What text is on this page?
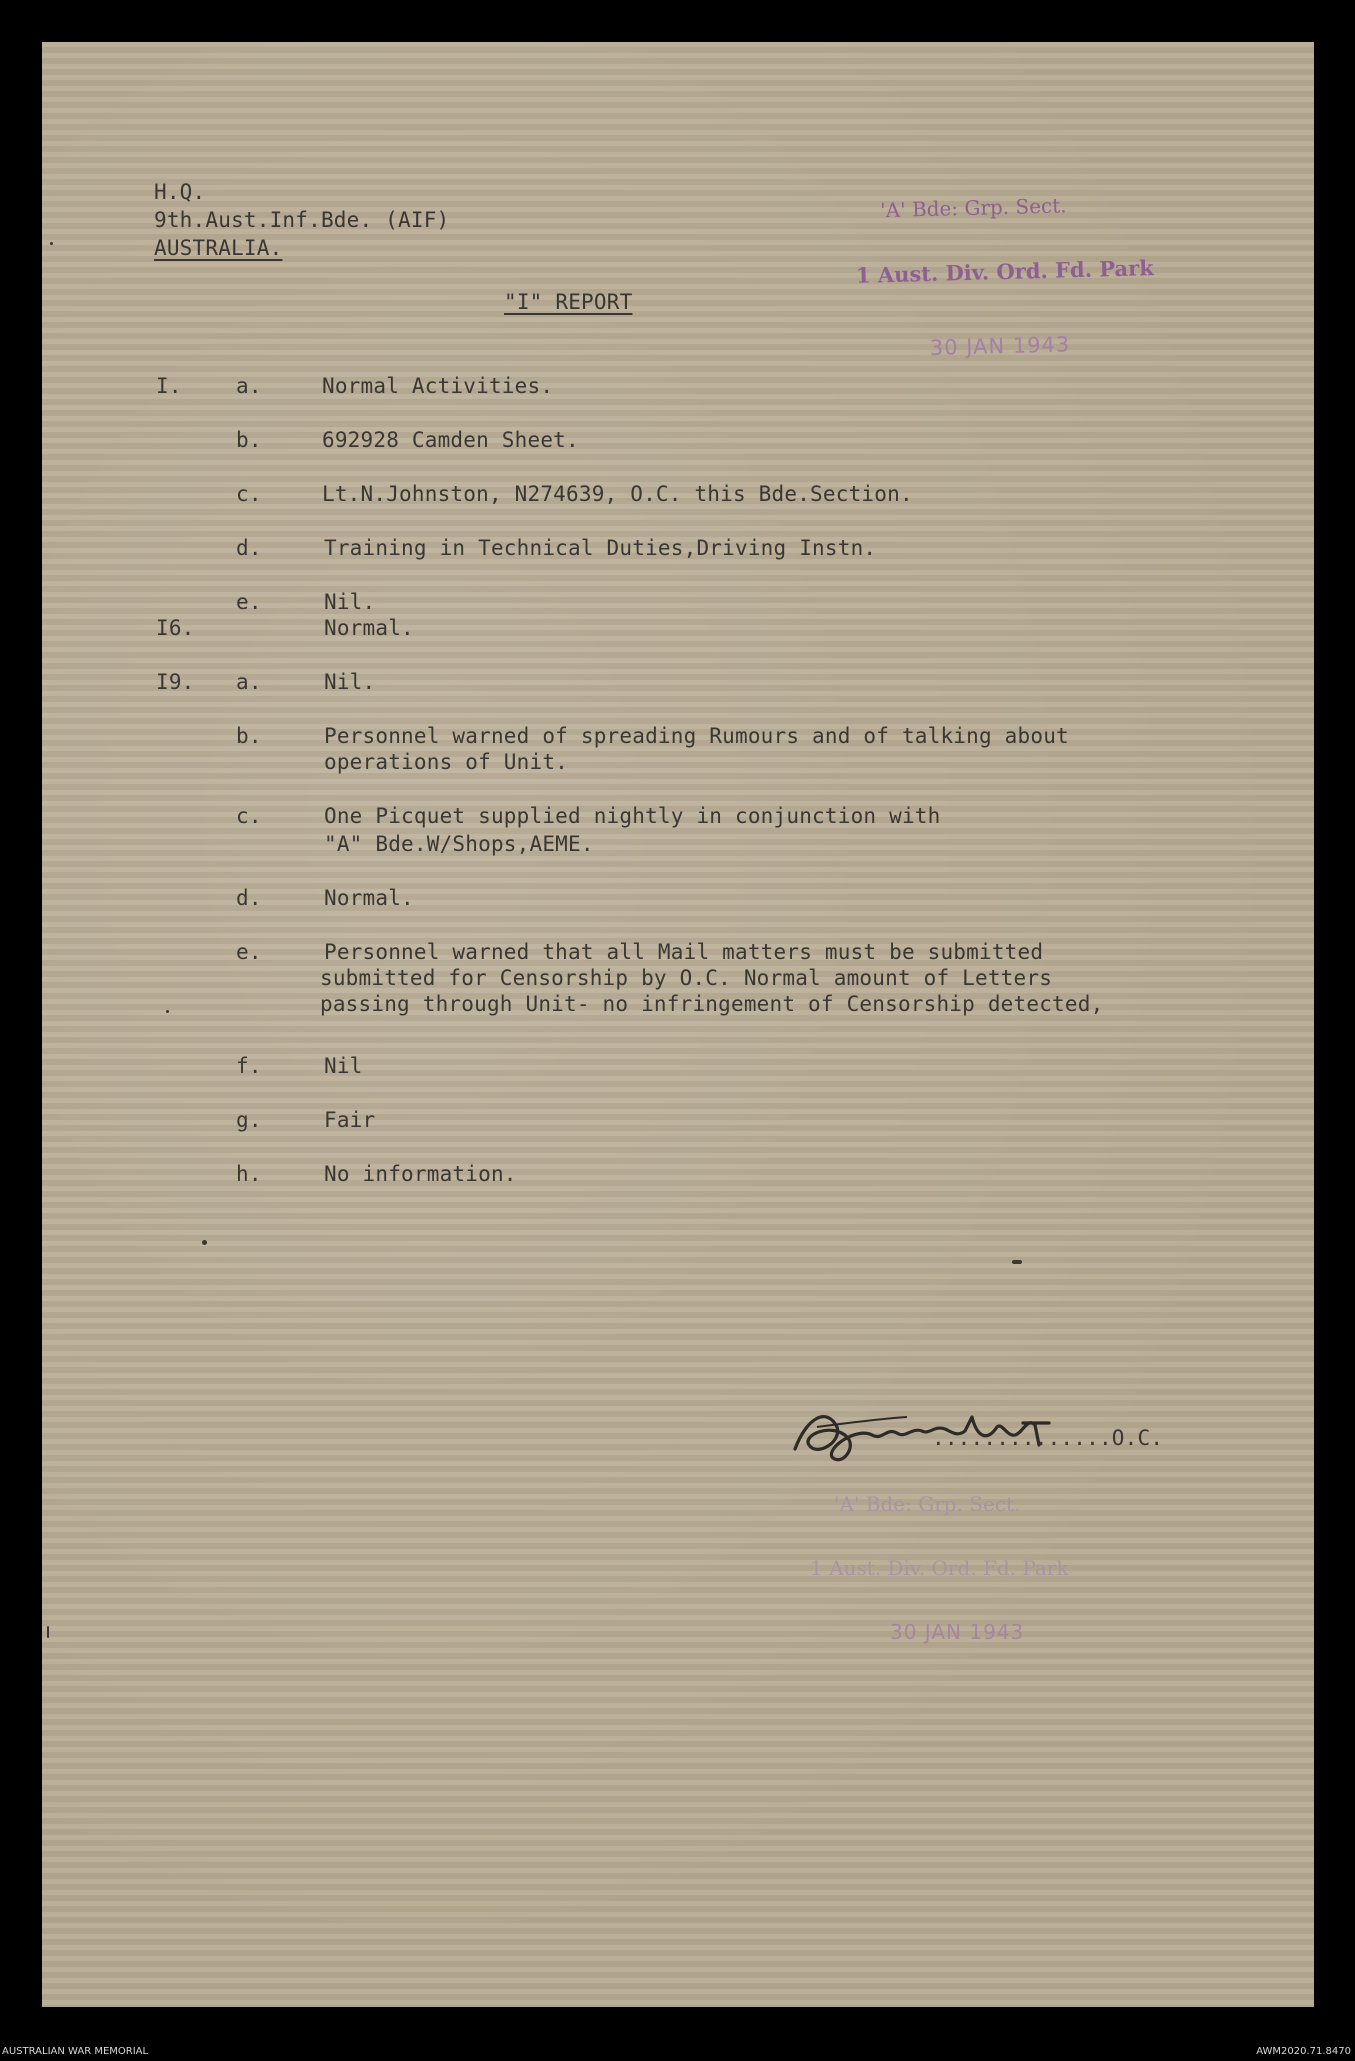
H.Q.
9th.Aust.Inf.Bde. (AIF)
AUSTRALIA.

'A' Bde: Grp. Sect.

1 Aust. Div. Ord. Fd. Park

30 JAN 1943

"I" REPORT
I.	a.	Normal Activities.
b.	692928 Camden Sheet.
c.	Lt.N.Johnston, N274639, O.C. this Bde.Section.
d.	Training in Technical Duties,Driving Instn.
e.	Nil.
I6.	Normal.
I9. a.	Nil.
b.	Personnel warned of spreading Rumours and of talking about
operations of Unit.
c.	One Picquet supplied nightly in conjunction with
"A" Bde.W/Shops,AEME.
d.	Normal.
e.	Personnel warned that all Mail matters must be submitted
submitted for Censorship by O.C. Normal amount of Letters
passing through Unit- no infringement of Censorship detected,
f.	Nil
g.	Fair
h.	No information.
..............O.C.

'A' Bde: Grp. Sect.

1 Aust. Div. Ord. Fd. Park

30 JAN 1943

AUSTRALIAN WAR MEMORIAL	AWM2020.71.8470
